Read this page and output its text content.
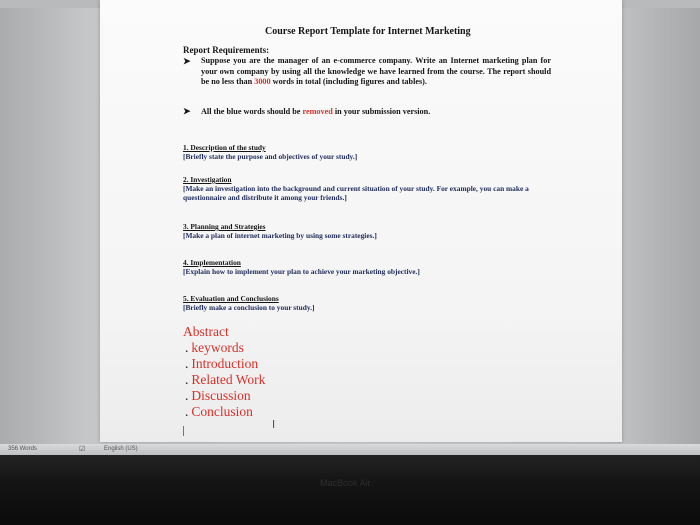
Course Report Template for Internet Marketing
Report Requirements:
➤ Suppose you are the manager of an e-commerce company. Write an Internet marketing plan for your own company by using all the knowledge we have learned from the course. The report should be no less than 3000 words in total (including figures and tables).
➤ All the blue words should be removed in your submission version.
1. Description of the study
[Briefly state the purpose and objectives of your study.]
2. Investigation
[Make an investigation into the background and current situation of your study. For example, you can make a questionnaire and distribute it among your friends.]
3. Planning and Strategies
[Make a plan of internet marketing by using some strategies.]
4. Implementation
[Explain how to implement your plan to achieve your marketing objective.]
5. Evaluation and Conclusions
[Briefly make a conclusion to your study.]
Abstract
. keywords
. Introduction
. Related Work
. Discussion
. Conclusion
I
356 Words	☑	English (US)
MacBook Air
